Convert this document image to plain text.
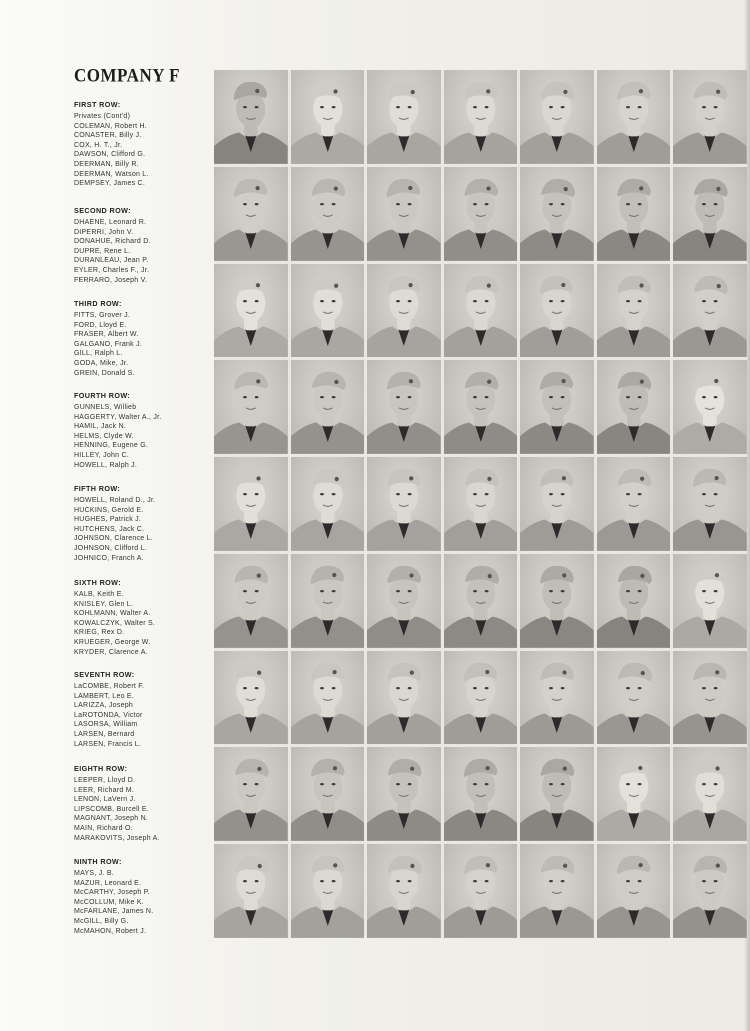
COMPANY F
FIRST ROW:
Privates (Cont'd)
COLEMAN, Robert H.
CONASTER, Billy J.
COX, H. T., Jr.
DAWSON, Clifford G.
DEERMAN, Billy R.
DEERMAN, Watson L.
DEMPSEY, James C.
SECOND ROW:
DHAENE, Leonard R.
DIPERRI, John V.
DONAHUE, Richard D.
DUPRE, Rene L.
DURANLEAU, Jean P.
EYLER, Charles F., Jr.
FERRARO, Joseph V.
THIRD ROW:
FITTS, Grover J.
FORD, Lloyd E.
FRASER, Albert W.
GALGANO, Frank J.
GILL, Ralph L.
GODA, Mike, Jr.
GREIN, Donald S.
FOURTH ROW:
GUNNELS, Willieb
HAGGERTY, Walter A., Jr.
HAMIL, Jack N.
HELMS, Clyde W.
HENNING, Eugene G.
HILLEY, John C.
HOWELL, Ralph J.
FIFTH ROW:
HOWELL, Roland D., Jr.
HUCKINS, Gerold E.
HUGHES, Patrick J.
HUTCHENS, Jack C.
JOHNSON, Clarence L.
JOHNSON, Clifford L.
JOHNICO, Franch A.
SIXTH ROW:
KALB, Keith E.
KNISLEY, Glen L.
KOHLMANN, Walter A.
KOWALCZYK, Walter S.
KRIEG, Rex D.
KRUEGER, George W.
KRYDER, Clarence A.
SEVENTH ROW:
LaCOMBE, Robert F.
LAMBERT, Leo E.
LARIZZA, Joseph
LaROTONDA, Victor
LASORSA, William
LARSEN, Bernard
LARSEN, Francis L.
EIGHTH ROW:
LEEPER, Lloyd D.
LEER, Richard M.
LENON, LaVern J.
LIPSCOMB, Burcell E.
MAGNANT, Joseph N.
MAIN, Richard O.
MARAKOVITS, Joseph A.
NINTH ROW:
MAYS, J. B.
MAZUR, Leonard E.
McCARTHY, Joseph P.
McCOLLUM, Mike K.
McFARLANE, James N.
McGILL, Billy G.
McMAHON, Robert J.
